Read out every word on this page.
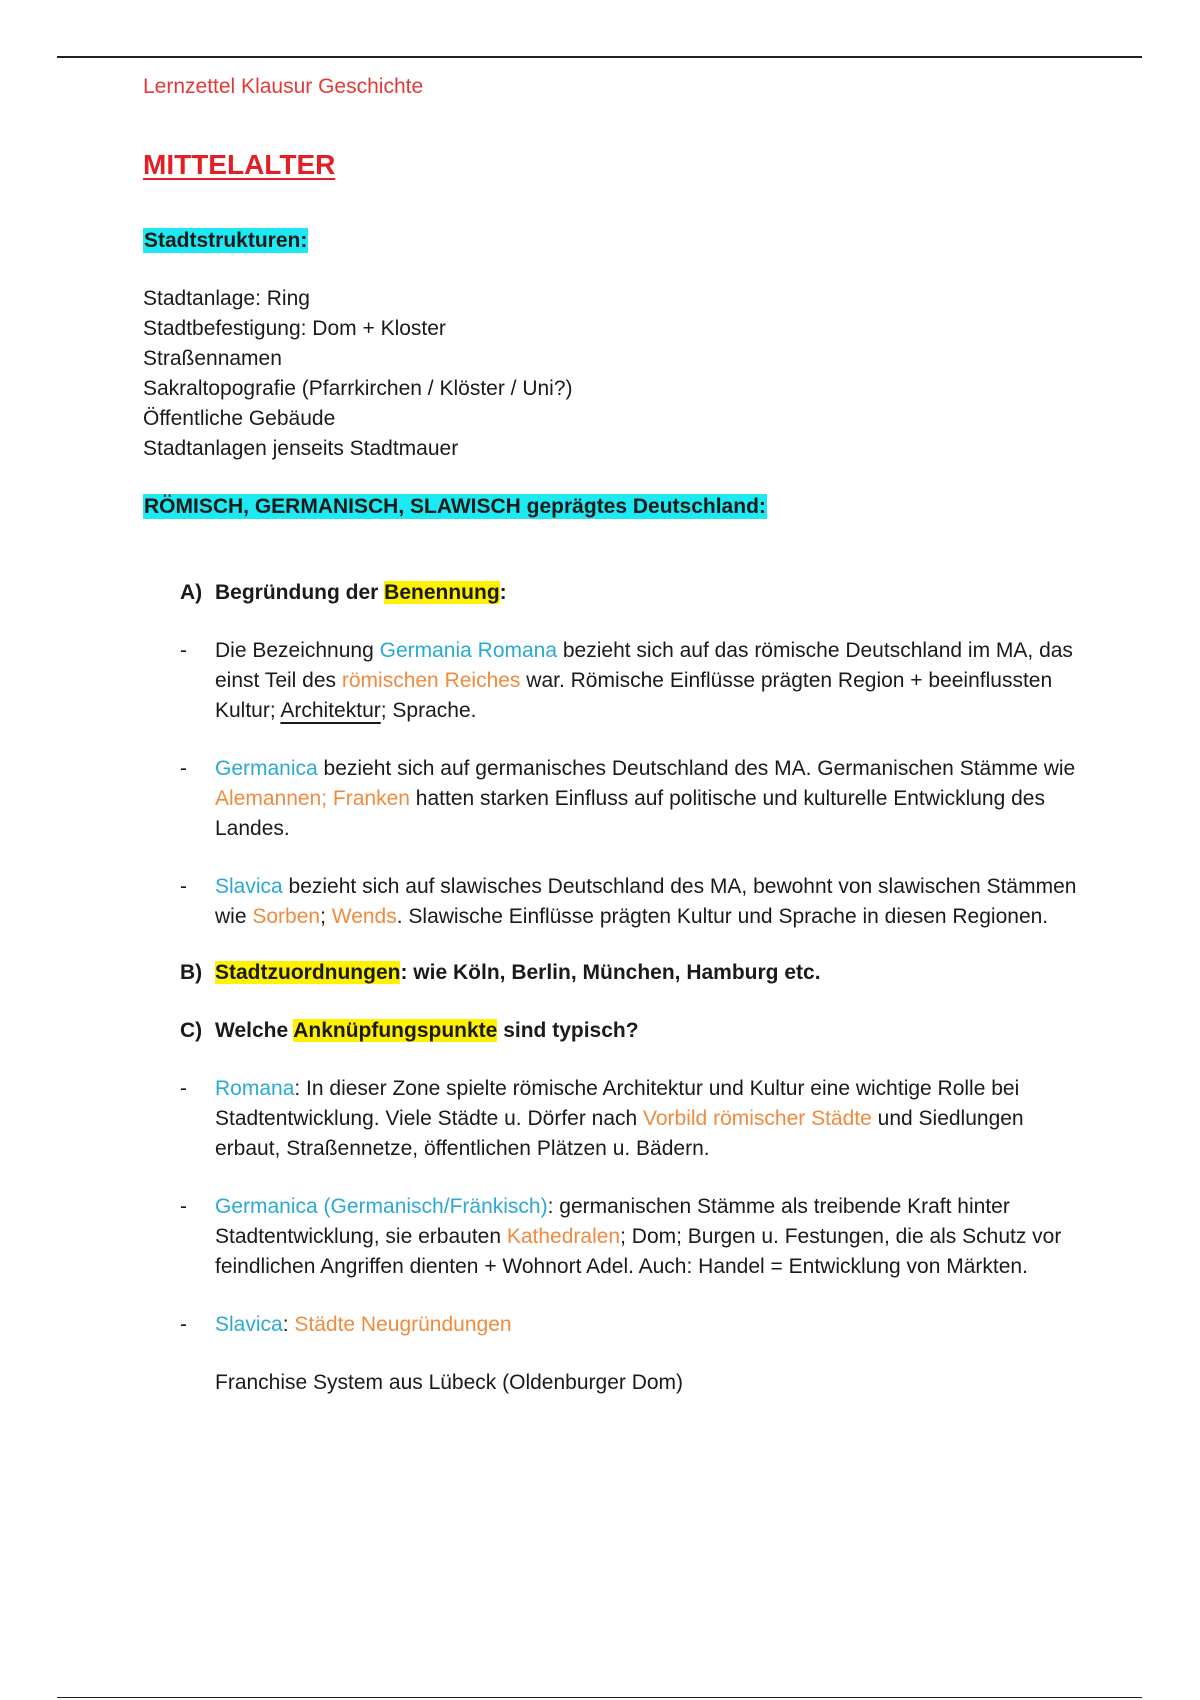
Lernzettel Klausur Geschichte

MITTELALTER

Stadtstrukturen:

Stadtanlage: Ring
Stadtbefestigung: Dom + Kloster
Straßennamen
Sakraltopografie (Pfarrkirchen / Klöster / Uni?)
Öffentliche Gebäude
Stadtanlagen jenseits Stadtmauer

RÖMISCH, GERMANISCH, SLAWISCH geprägtes Deutschland:

A) Begründung der Benennung:

- Die Bezeichnung Germania Romana bezieht sich auf das römische Deutschland im MA, das einst Teil des römischen Reiches war. Römische Einflüsse prägten Region + beeinflussten Kultur; Architektur; Sprache.

- Germanica bezieht sich auf germanisches Deutschland des MA. Germanischen Stämme wie Alemannen; Franken hatten starken Einfluss auf politische und kulturelle Entwicklung des Landes.

- Slavica bezieht sich auf slawisches Deutschland des MA, bewohnt von slawischen Stämmen wie Sorben; Wends. Slawische Einflüsse prägten Kultur und Sprache in diesen Regionen.

B) Stadtzuordnungen: wie Köln, Berlin, München, Hamburg etc.

C) Welche Anknüpfungspunkte sind typisch?

- Romana: In dieser Zone spielte römische Architektur und Kultur eine wichtige Rolle bei Stadtentwicklung. Viele Städte u. Dörfer nach Vorbild römischer Städte und Siedlungen erbaut, Straßennetze, öffentlichen Plätzen u. Bädern.

- Germanica (Germanisch/Fränkisch): germanischen Stämme als treibende Kraft hinter Stadtentwicklung, sie erbauten Kathedralen; Dom; Burgen u. Festungen, die als Schutz vor feindlichen Angriffen dienten + Wohnort Adel. Auch: Handel = Entwicklung von Märkten.

- Slavica: Städte Neugründungen

Franchise System aus Lübeck (Oldenburger Dom)
